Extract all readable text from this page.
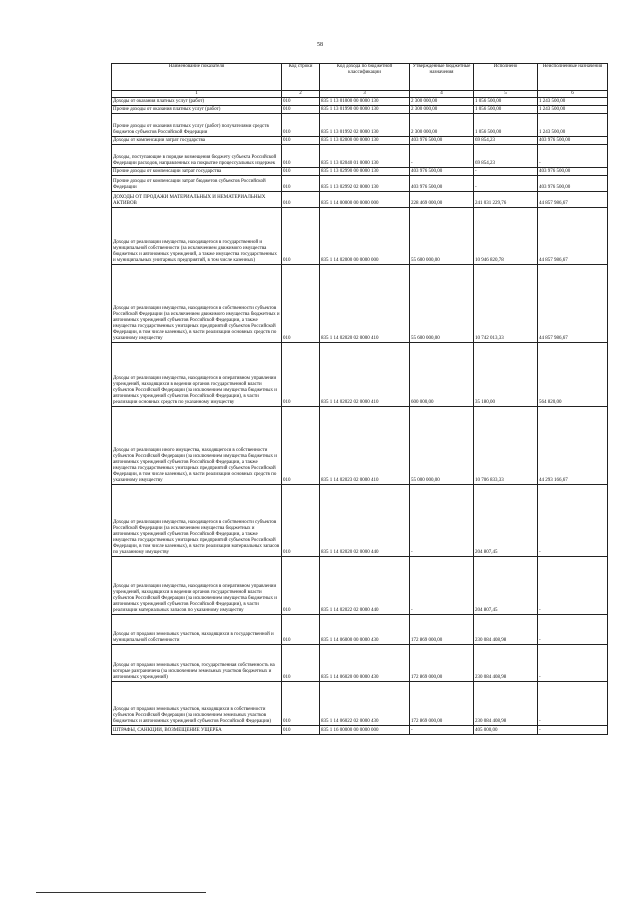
58
Наименование показателя	Код строки	Код дохода по бюджетной классификации	Утвержденные бюджетные назначения	Исполнено	Неисполненные назначения
1	2	3	4	5	6
Доходы от оказания платных услуг (работ)	010	835 1 13 01000 00 0000 130	2 300 000,00	1 056 500,00	1 243 500,00
Прочие доходы от оказания платных услуг (работ)	010	835 1 13 01990 00 0000 130	2 300 000,00	1 056 500,00	1 243 500,00
Прочие доходы от оказания платных услуг (работ) получателями средств бюджетов субъектов Российской Федерации	010	835 1 13 01992 02 0000 130	2 300 000,00	1 056 500,00	1 243 500,00
Доходы от компенсации затрат государства	010	835 1 13 02000 00 0000 130	403 976 500,00	69 854,23	403 976 500,00
Доходы, поступающие в порядке возмещения бюджету субъекта Российской Федерации расходов, направленных на покрытие процессуальных издержек	010	835 1 13 02040 01 0000 130	-	69 854,23	-
Прочие доходы от компенсации затрат государства	010	835 1 13 02990 00 0000 130	403 976 500,00	-	403 976 500,00
Прочие доходы от компенсации затрат бюджетов субъектов Российской Федерации	010	835 1 13 02992 02 0000 130	403 976 500,00	-	403 976 500,00
ДОХОДЫ ОТ ПРОДАЖИ МАТЕРИАЛЬНЫХ И НЕМАТЕРИАЛЬНЫХ АКТИВОВ	010	835 1 14 00000 00 0000 000	228 469 000,00	241 031 229,76	44 857 986,67
Доходы от реализации имущества, находящегося в государственной и муниципальной собственности (за исключением движимого имущества бюджетных и автономных учреждений, а также имущества государственных и муниципальных унитарных предприятий, в том числе казенных)	010	835 1 14 02000 00 0000 000	55 600 000,00	10 946 820,78	44 857 986,67
Доходы от реализации имущества, находящегося в собственности субъектов Российской Федерации (за исключением движимого имущества бюджетных и автономных учреждений субъектов Российской Федерации, а также имущества государственных унитарных предприятий субъектов Российской Федерации, в том числе казенных), в части реализации основных средств по указанному имуществу	010	835 1 14 02020 02 0000 410	55 600 000,00	10 742 013,33	44 857 986,67
Доходы от реализации имущества, находящегося в оперативном управлении учреждений, находящихся в ведении органов государственной власти субъектов Российской Федерации (за исключением имущества бюджетных и автономных учреждений субъектов Российской Федерации), в части реализации основных средств по указанному имуществу	010	835 1 14 02022 02 0000 410	600 000,00	35 180,00	564 820,00
Доходы от реализации иного имущества, находящегося в собственности субъектов Российской Федерации (за исключением имущества бюджетных и автономных учреждений субъектов Российской Федерации, а также имущества государственных унитарных предприятий субъектов Российской Федерации, в том числе казенных), в части реализации основных средств по указанному имуществу	010	835 1 14 02023 02 0000 410	55 000 000,00	10 706 833,33	44 293 166,67
Доходы от реализации имущества, находящегося в собственности субъектов Российской Федерации (за исключением имущества бюджетных и автономных учреждений субъектов Российской Федерации, а также имущества государственных унитарных предприятий субъектов Российской Федерации, в том числе казенных), в части реализации материальных запасов по указанному имуществу	010	835 1 14 02020 02 0000 440	-	204 807,45	-
Доходы от реализации имущества, находящегося в оперативном управлении учреждений, находящихся в ведении органов государственной власти субъектов Российской Федерации (за исключением имущества бюджетных и автономных учреждений субъектов Российской Федерации), в части реализации материальных запасов по указанному имуществу	010	835 1 14 02022 02 0000 440	-	204 807,45	-
Доходы от продажи земельных участков, находящихся в государственной и муниципальной собственности	010	835 1 14 06000 00 0000 430	172 869 000,00	230 084 408,98	-
Доходы от продажи земельных участков, государственная собственность на которые разграничена (за исключением земельных участков бюджетных и автономных учреждений)	010	835 1 14 06020 00 0000 430	172 869 000,00	230 084 408,98	-
Доходы от продажи земельных участков, находящихся в собственности субъектов Российской Федерации (за исключением земельных участков бюджетных и автономных учреждений субъектов Российской Федерации)	010	835 1 14 06022 02 0000 430	172 869 000,00	230 084 408,98	-
ШТРАФЫ, САНКЦИИ, ВОЗМЕЩЕНИЕ УЩЕРБА	010	835 1 16 00000 00 0000 000	-	405 000,00	-
